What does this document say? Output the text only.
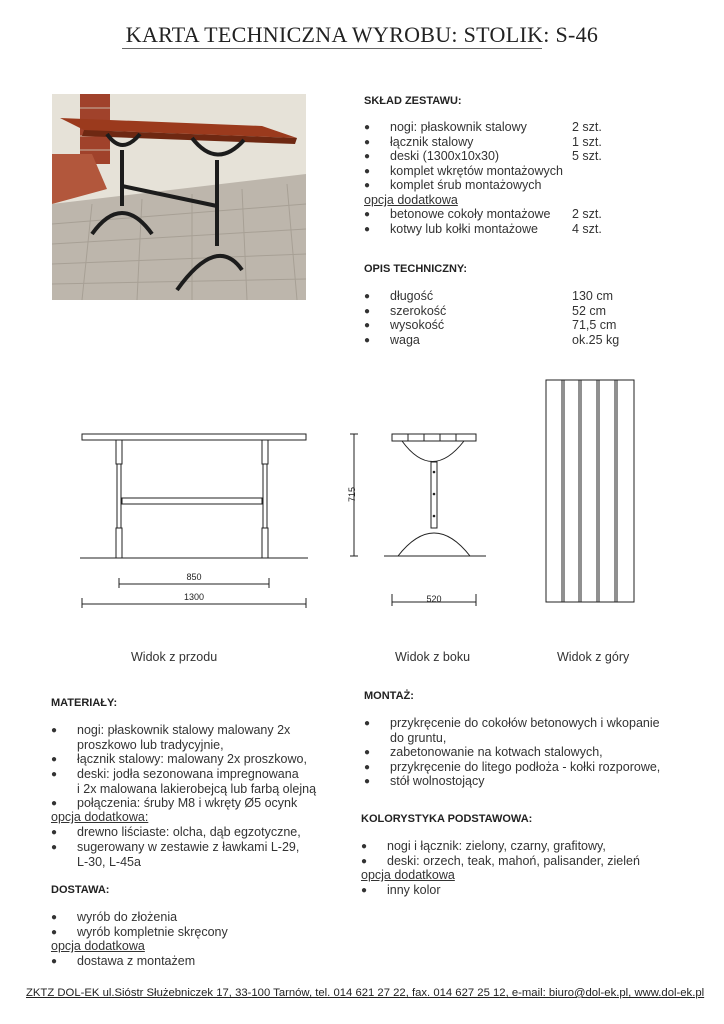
KARTA TECHNICZNA WYROBU: STOLIK: S-46
SKŁAD ZESTAWU:
● nogi: płaskownik stalowy	2 szt.
● łącznik stalowy	1 szt.
● deski (1300x10x30)	5 szt.
● komplet wkrętów montażowych
● komplet śrub montażowych
opcja dodatkowa
● betonowe cokoły montażowe 2 szt.
● kotwy lub kołki montażowe	4 szt.
OPIS TECHNICZNY:
● długość	130 cm
● szerokość	52 cm
● wysokość	71,5 cm
● waga	ok.25 kg
850
1300
715
520
Widok z przodu	Widok z boku	Widok z góry
MATERIAŁY:
● nogi: płaskownik stalowy malowany 2x
proszkowo lub tradycyjnie,
● łącznik stalowy: malowany 2x proszkowo,
● deski: jodła sezonowana impregnowana
i 2x malowana lakierobejcą lub farbą olejną
● połączenia: śruby M8 i wkręty Ø5 ocynk
opcja dodatkowa:
● drewno liściaste: olcha, dąb egzotyczne,
● sugerowany w zestawie z ławkami L-29,
L-30, L-45a
DOSTAWA:
● wyrób do złożenia
● wyrób kompletnie skręcony
opcja dodatkowa
● dostawa z montażem
MONTAŻ:
● przykręcenie do cokołów betonowych i wkopanie
do gruntu,
● zabetonowanie na kotwach stalowych,
● przykręcenie do litego podłoża - kołki rozporowe,
● stół wolnostojący
KOLORYSTYKA PODSTAWOWA:
● nogi i łącznik: zielony, czarny, grafitowy,
● deski: orzech, teak, mahoń, palisander, zieleń
opcja dodatkowa
● inny kolor
ZKTZ DOL-EK ul.Sióstr Służebniczek 17, 33-100 Tarnów, tel. 014 621 27 22, fax. 014 627 25 12, e-mail: biuro@dol-ek.pl, www.dol-ek.pl
